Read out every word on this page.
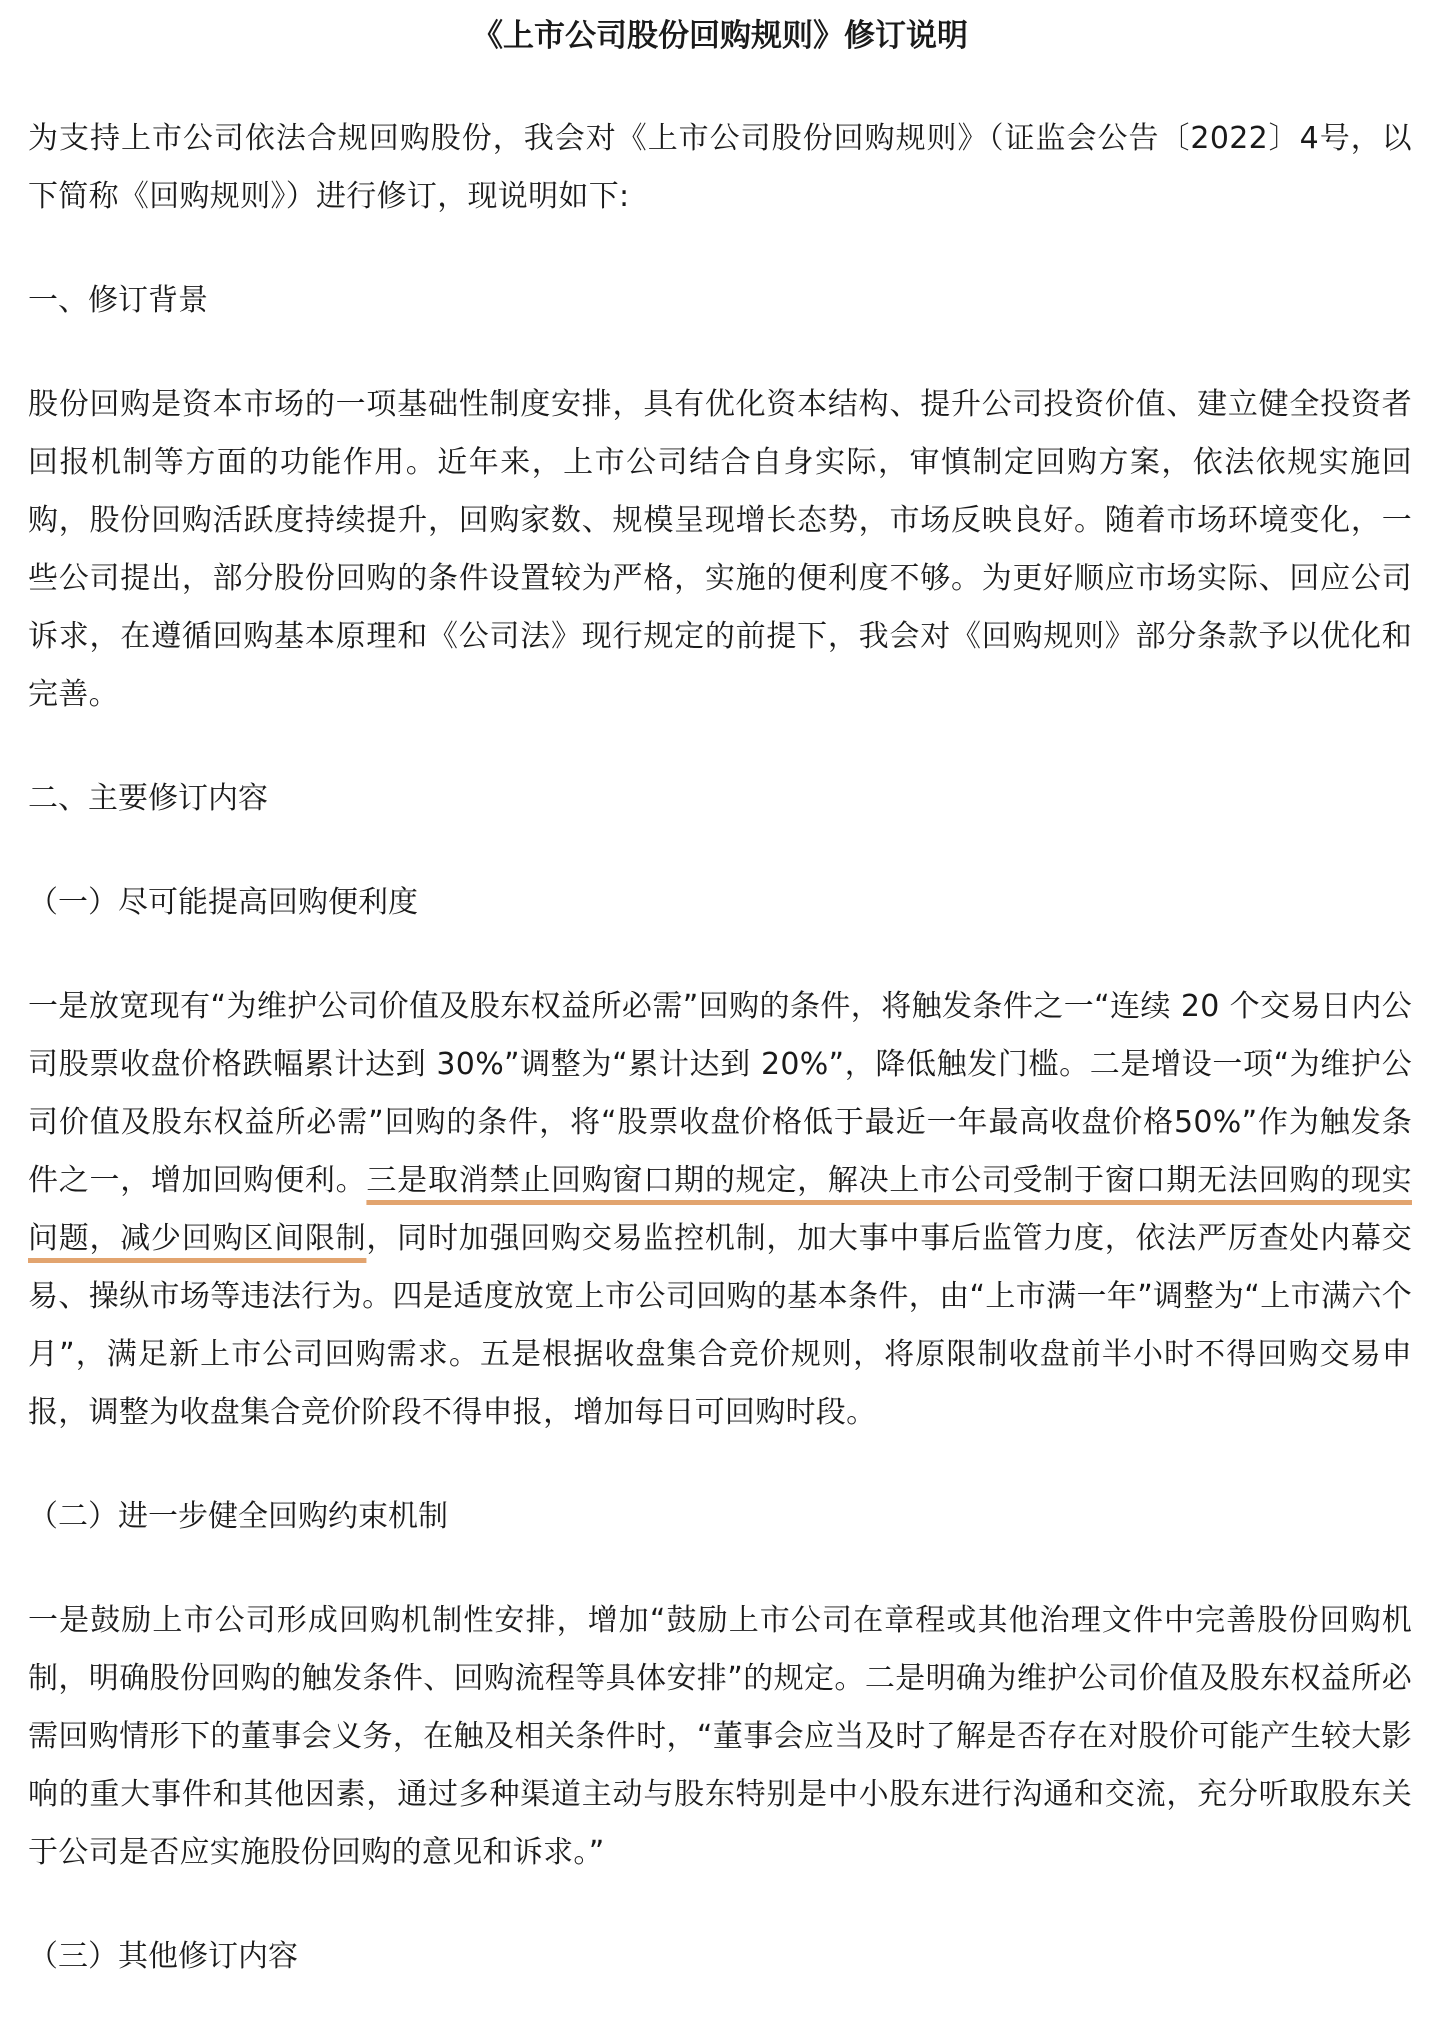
《上市公司股份回购规则》修订说明
为支持上市公司依法合规回购股份，我会对《上市公司股份回购规则》（证监会公告〔2022〕4号，以下简称《回购规则》）进行修订，现说明如下:
一、修订背景
股份回购是资本市场的一项基础性制度安排，具有优化资本结构、提升公司投资价值、建立健全投资者回报机制等方面的功能作用。近年来，上市公司结合自身实际，审慎制定回购方案，依法依规实施回购，股份回购活跃度持续提升，回购家数、规模呈现增长态势，市场反映良好。随着市场环境变化，一些公司提出，部分股份回购的条件设置较为严格，实施的便利度不够。为更好顺应市场实际、回应公司诉求，在遵循回购基本原理和《公司法》现行规定的前提下，我会对《回购规则》部分条款予以优化和完善。
二、主要修订内容
（一）尽可能提高回购便利度
一是放宽现有“为维护公司价值及股东权益所必需”回购的条件，将触发条件之一“连续 20 个交易日内公司股票收盘价格跌幅累计达到 30%”调整为“累计达到 20%”，降低触发门槛。二是增设一项“为维护公司价值及股东权益所必需”回购的条件，将“股票收盘价格低于最近一年最高收盘价格50%”作为触发条件之一，增加回购便利。三是取消禁止回购窗口期的规定，解决上市公司受制于窗口期无法回购的现实问题，减少回购区间限制，同时加强回购交易监控机制，加大事中事后监管力度，依法严厉查处内幕交易、操纵市场等违法行为。四是适度放宽上市公司回购的基本条件，由“上市满一年”调整为“上市满六个月”，满足新上市公司回购需求。五是根据收盘集合竞价规则，将原限制收盘前半小时不得回购交易申报，调整为收盘集合竞价阶段不得申报，增加每日可回购时段。
（二）进一步健全回购约束机制
一是鼓励上市公司形成回购机制性安排，增加“鼓励上市公司在章程或其他治理文件中完善股份回购机制，明确股份回购的触发条件、回购流程等具体安排”的规定。二是明确为维护公司价值及股东权益所必需回购情形下的董事会义务，在触及相关条件时，“董事会应当及时了解是否存在对股价可能产生较大影响的重大事件和其他因素，通过多种渠道主动与股东特别是中小股东进行沟通和交流，充分听取股东关于公司是否应实施股份回购的意见和诉求。”
（三）其他修订内容
